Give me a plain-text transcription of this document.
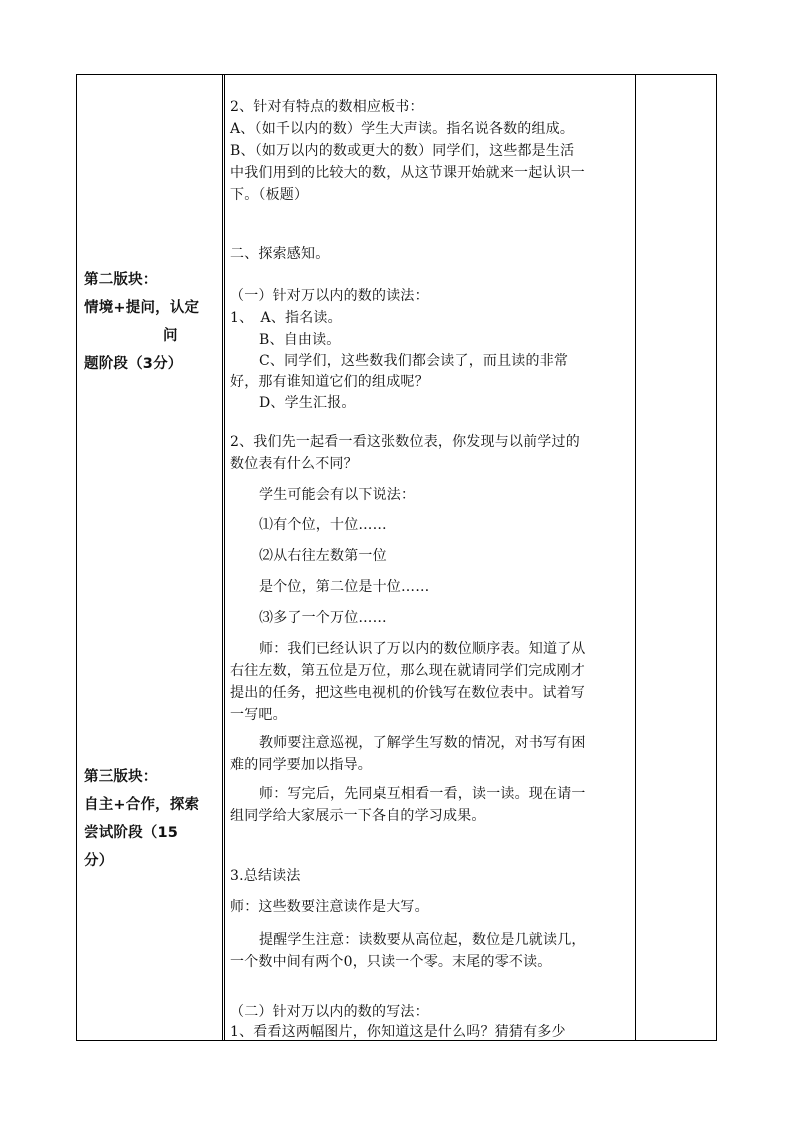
第二版块：
情境+提问，认定
问
题阶段（3分）
第三版块：
自主+合作，探索
尝试阶段（15
分）
2、针对有特点的数相应板书：
A、（如千以内的数）学生大声读。指名说各数的组成。
B、（如万以内的数或更大的数）同学们，这些都是生活
中我们用到的比较大的数，从这节课开始就来一起认识一
下。（板题）
二、探索感知。
（一）针对万以内的数的读法：
1、　A、指名读。
B、自由读。
C、同学们，这些数我们都会读了，而且读的非常
好，那有谁知道它们的组成呢？
D、学生汇报。
2、我们先一起看一看这张数位表，你发现与以前学过的
数位表有什么不同？
学生可能会有以下说法：
⑴有个位，十位……
⑵从右往左数第一位
是个位，第二位是十位……
⑶多了一个万位……
师：我们已经认识了万以内的数位顺序表。知道了从
右往左数，第五位是万位，那么现在就请同学们完成刚才
提出的任务，把这些电视机的价钱写在数位表中。试着写
一写吧。
教师要注意巡视，了解学生写数的情况，对书写有困
难的同学要加以指导。
师：写完后，先同桌互相看一看，读一读。现在请一
组同学给大家展示一下各自的学习成果。
3.总结读法
师：这些数要注意读作是大写。
提醒学生注意：读数要从高位起，数位是几就读几，
一个数中间有两个0，只读一个零。末尾的零不读。
（二）针对万以内的数的写法：
1、看看这两幅图片，你知道这是什么吗？猜猜有多少
